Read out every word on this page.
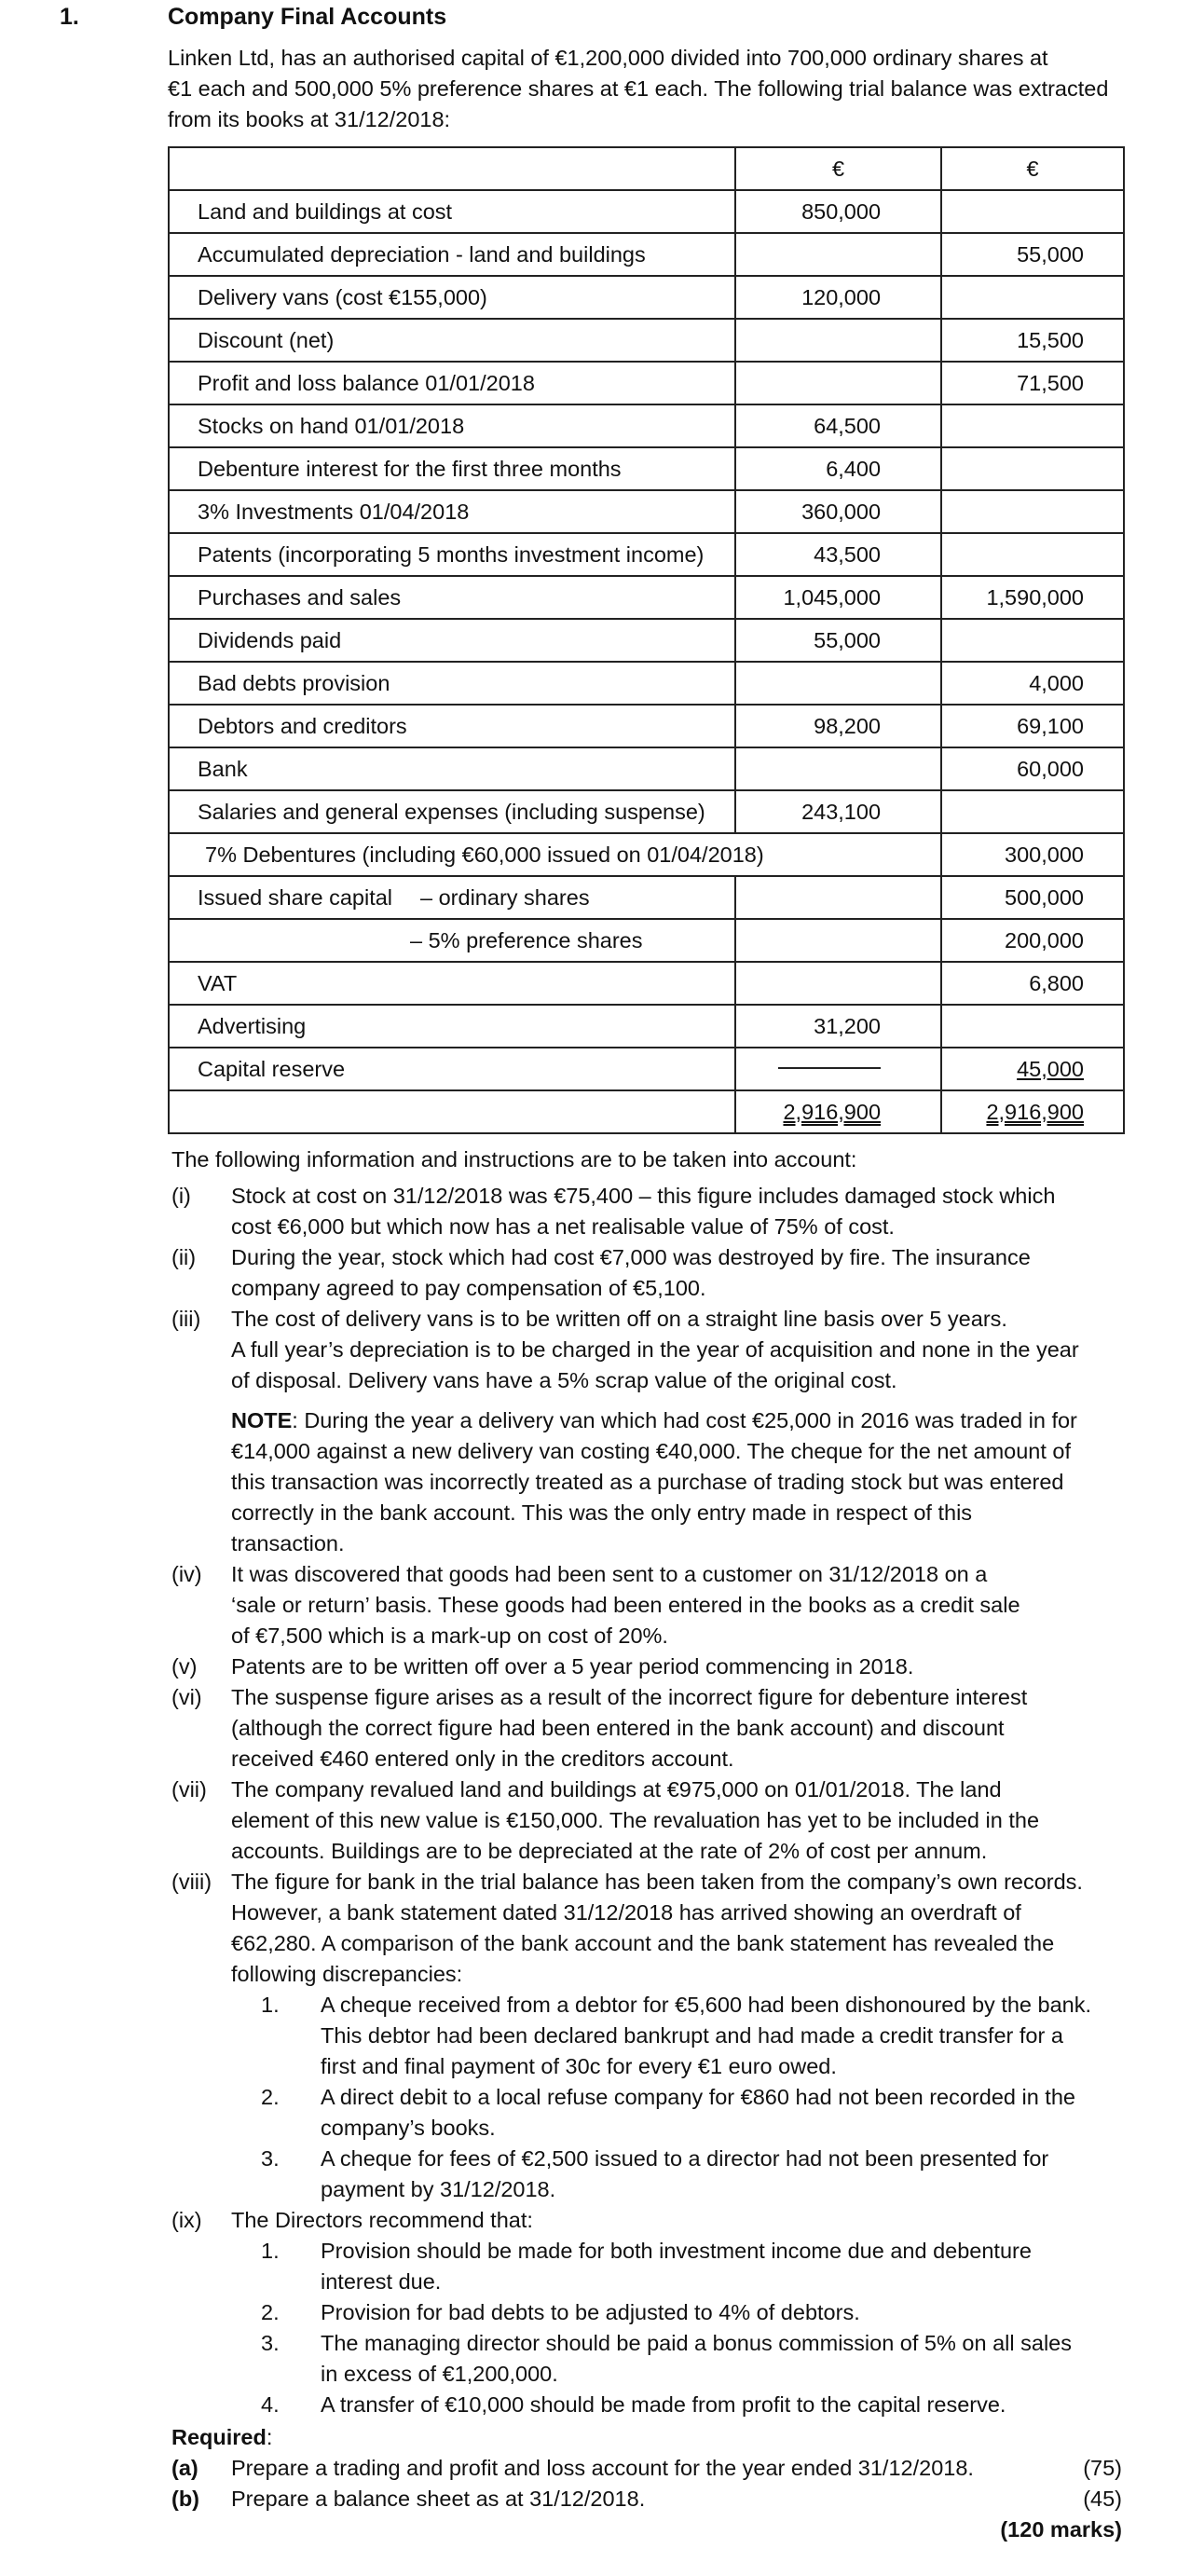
1.	Company Final Accounts

Linken Ltd, has an authorised capital of €1,200,000 divided into 700,000 ordinary shares at

€1 each and 500,000 5% preference shares at €1 each. The following trial balance was extracted

from its books at 31/12/2018:

	€	€
Land and buildings at cost	850,000	
Accumulated depreciation - land and buildings		55,000
Delivery vans (cost €155,000)	120,000	
Discount (net)		15,500
Profit and loss balance 01/01/2018		71,500
Stocks on hand 01/01/2018	64,500	
Debenture interest for the first three months	6,400	
3% Investments 01/04/2018	360,000	
Patents (incorporating 5 months investment income)	43,500	
Purchases and sales	1,045,000	1,590,000
Dividends paid	55,000	
Bad debts provision		4,000
Debtors and creditors	98,200	69,100
Bank		60,000
Salaries and general expenses (including suspense)	243,100	
7% Debentures (including €60,000 issued on 01/04/2018)		300,000
Issued share capital – ordinary shares		500,000
– 5% preference shares		200,000
VAT		6,800
Advertising	31,200	
Capital reserve		45,000
	2,916,900	2,916,900

The following information and instructions are to be taken into account:

(i) Stock at cost on 31/12/2018 was €75,400 – this figure includes damaged stock which

cost €6,000 but which now has a net realisable value of 75% of cost.

(ii) During the year, stock which had cost €7,000 was destroyed by fire. The insurance

company agreed to pay compensation of €5,100.

(iii) The cost of delivery vans is to be written off on a straight line basis over 5 years.

A full year’s depreciation is to be charged in the year of acquisition and none in the year

of disposal. Delivery vans have a 5% scrap value of the original cost.

NOTE: During the year a delivery van which had cost €25,000 in 2016 was traded in for

€14,000 against a new delivery van costing €40,000. The cheque for the net amount of

this transaction was incorrectly treated as a purchase of trading stock but was entered

correctly in the bank account. This was the only entry made in respect of this

transaction.

(iv) It was discovered that goods had been sent to a customer on 31/12/2018 on a

‘sale or return’ basis. These goods had been entered in the books as a credit sale

of €7,500 which is a mark-up on cost of 20%.

(v) Patents are to be written off over a 5 year period commencing in 2018.

(vi) The suspense figure arises as a result of the incorrect figure for debenture interest

(although the correct figure had been entered in the bank account) and discount

received €460 entered only in the creditors account.

(vii) The company revalued land and buildings at €975,000 on 01/01/2018. The land

element of this new value is €150,000. The revaluation has yet to be included in the

accounts. Buildings are to be depreciated at the rate of 2% of cost per annum.

(viii) The figure for bank in the trial balance has been taken from the company’s own records.

However, a bank statement dated 31/12/2018 has arrived showing an overdraft of

€62,280. A comparison of the bank account and the bank statement has revealed the

following discrepancies:

1. A cheque received from a debtor for €5,600 had been dishonoured by the bank.

This debtor had been declared bankrupt and had made a credit transfer for a

first and final payment of 30c for every €1 euro owed.

2. A direct debit to a local refuse company for €860 had not been recorded in the

company’s books.

3. A cheque for fees of €2,500 issued to a director had not been presented for

payment by 31/12/2018.

(ix) The Directors recommend that:

1. Provision should be made for both investment income due and debenture

interest due.

2. Provision for bad debts to be adjusted to 4% of debtors.

3. The managing director should be paid a bonus commission of 5% on all sales

in excess of €1,200,000.

4. A transfer of €10,000 should be made from profit to the capital reserve.

Required:
(a) Prepare a trading and profit and loss account for the year ended 31/12/2018.	(75)
(b) Prepare a balance sheet as at 31/12/2018.	(45)
(120 marks)
